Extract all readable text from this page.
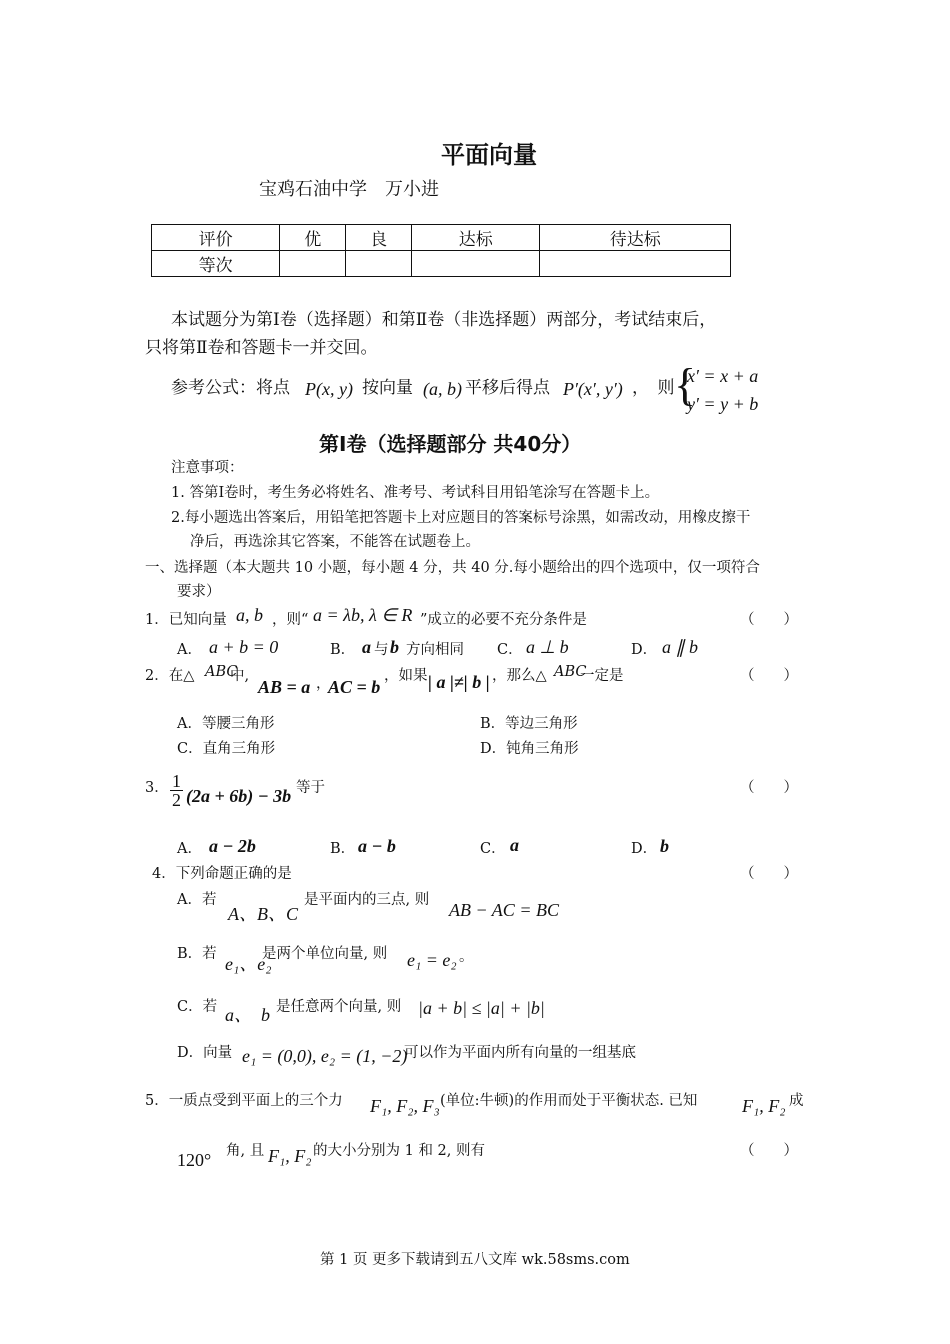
平面向量
宝鸡石油中学　万小进
评价	优	良	达标	待达标
等次				
本试题分为第Ⅰ卷（选择题）和第Ⅱ卷（非选择题）两部分，考试结束后，
只将第Ⅱ卷和答题卡一并交回。
参考公式：将点 P(x, y) 按向量 (a, b) 平移后得点 P′(x′, y′) ，　则 {
x′ = x + a
y′ = y + b
第Ⅰ卷（选择题部分 共40分）
注意事项：
1. 答第Ⅰ卷时，考生务必将姓名、准考号、考试科目用铅笔涂写在答题卡上。
2.每小题选出答案后，用铅笔把答题卡上对应题目的答案标号涂黑，如需改动，用橡皮擦干
净后，再选涂其它答案，不能答在试题卷上。
一、选择题（本大题共 10 小题，每小题 4 分，共 40 分.每小题给出的四个选项中，仅一项符合
要求）
1．已知向量 a, b ，则“ a = λb, λ ∈ R ”成立的必要不充分条件是	（　　）
A． a + b = 0	B． a 与 b 方向相同 C． a ⊥ b	D． a ∥ b
2．在△ ABC
中,
AB = a ，
AC = b
，如果 | a |≠| b | ，那么△ ABC
一定是	（　　）
A．等腰三角形	B．等边三角形
C．直角三角形	D．钝角三角形
3． $\frac{1}{2} (2a + 6b) - 3b$ 等于	（　　）
A． a − 2b	B． a − b	C． a	D． b
4．下列命题正确的是	（　　）
A．若
A、B、C
是平面内的三点, 则 AB − AC = BC
B．若 e₁、e₂
是两个单位向量, 则 e₁ = e₂ 。
C．若 a、　b 是任意两个向量, 则 |a + b| ≤ |a| + |b|
D．向量 e₁ = (0,0), e₂ = (1, −2)
可以作为平面内所有向量的一组基底
5．一质点受到平面上的三个力 F₁, F₂, F₃ (单位:牛顿)的作用而处于平衡状态. 已知 F₁, F₂ 成
120° 角, 且 F₁, F₂ 的大小分别为 1 和 2, 则有	（　　）
第 1 页 更多下载请到五八文库 wk.58sms.com
